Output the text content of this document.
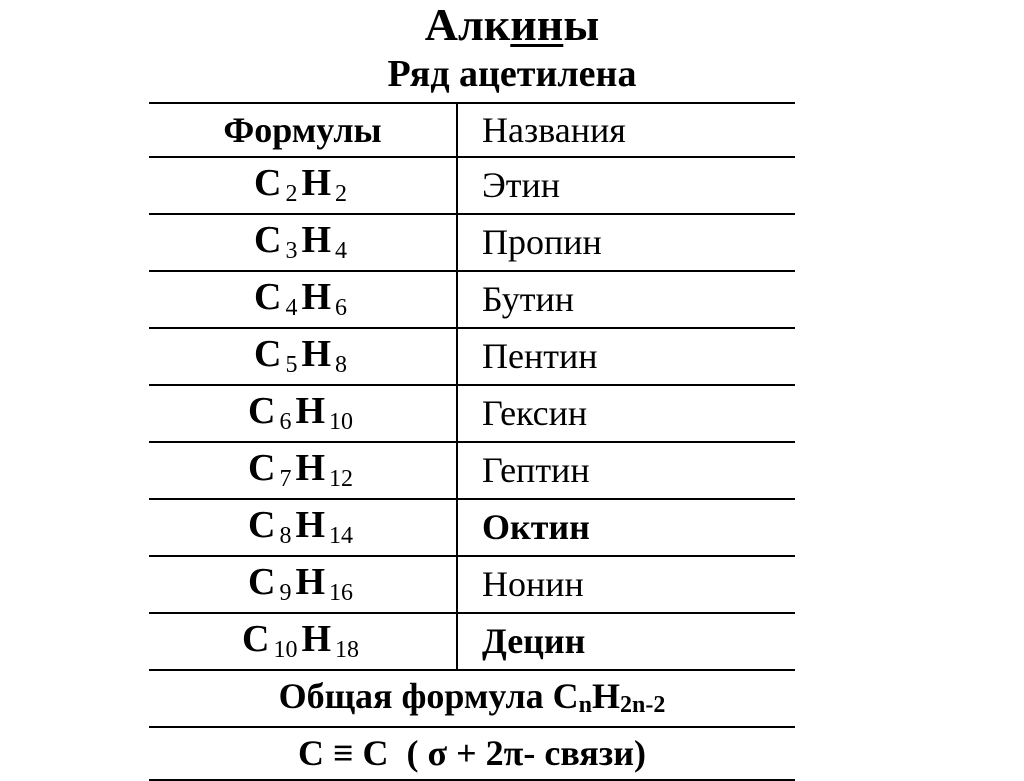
Алкины
Ряд ацетилена
Формулы	Названия
C 2 H 2	Этин
C 3 H 4	Пропин
C 4 H 6	Бутин
C 5 H 8	Пентин
C 6 H 10	Гексин
C 7 H 12	Гептин
C 8 H 14	Октин
C 9 H 16	Нонин
C 10 H 18	Децин
Общая формула CnH2n-2	
C ≡ C  ( σ + 2π- связи)	
